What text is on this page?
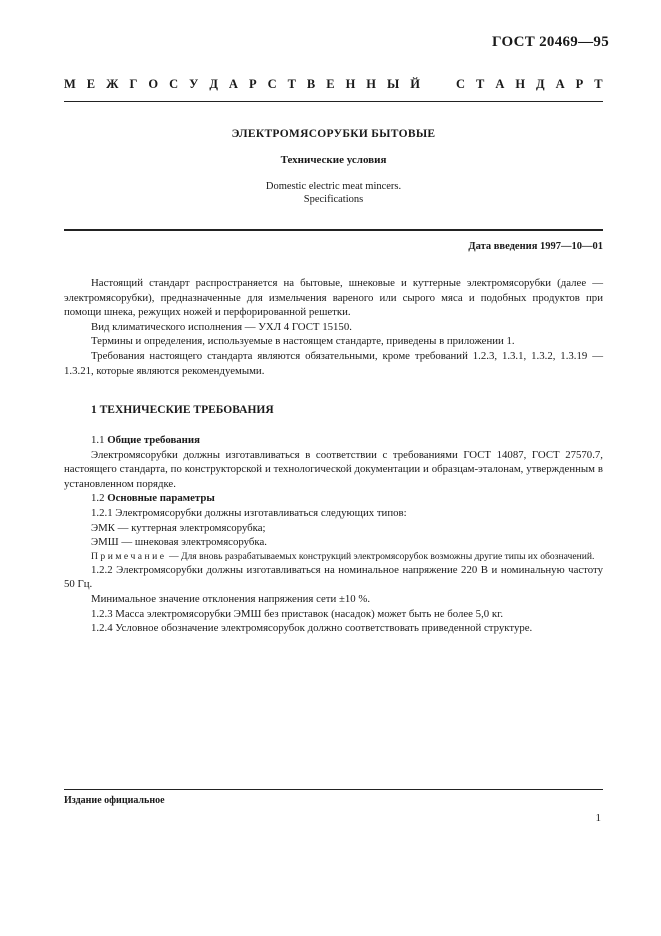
ГОСТ 20469—95
М Е Ж Г О С У Д А Р С Т В Е Н Н Ы Й	С Т А Н Д А Р Т
ЭЛЕКТРОМЯСОРУБКИ БЫТОВЫЕ
Технические условия
Domestic electric meat mincers.
Specifications
Дата введения 1997—10—01

Настоящий стандарт распространяется на бытовые, шнековые и куттерные электромясорубки (далее — электромясорубки), предназначенные для измельчения вареного или сырого мяса и подобных продуктов при помощи шнека, режущих ножей и перфорированной решетки.

Вид климатического исполнения — УХЛ 4 ГОСТ 15150.

Термины и определения, используемые в настоящем стандарте, приведены в приложении 1.

Требования настоящего стандарта являются обязательными, кроме требований 1.2.3, 1.3.1, 1.3.2, 1.3.19 — 1.3.21, которые являются рекомендуемыми.

1 ТЕХНИЧЕСКИЕ ТРЕБОВАНИЯ

1.1 Общие требования

Электромясорубки должны изготавливаться в соответствии с требованиями ГОСТ 14087, ГОСТ 27570.7, настоящего стандарта, по конструкторской и технологической документации и образцам-эталонам, утвержденным в установленном порядке.

1.2 Основные параметры

1.2.1 Электромясорубки должны изготавливаться следующих типов:

ЭМК — куттерная электромясорубка;

ЭМШ — шнековая электромясорубка.

Примечание — Для вновь разрабатываемых конструкций электромясорубок возможны другие типы их обозначений.

1.2.2 Электромясорубки должны изготавливаться на номинальное напряжение 220 В и номинальную частоту 50 Гц.

Минимальное значение отклонения напряжения сети ±10 %.

1.2.3 Масса электромясорубки ЭМШ без приставок (насадок) может быть не более 5,0 кг.

1.2.4 Условное обозначение электромясорубок должно соответствовать приведенной структуре.

Издание официальное
1
